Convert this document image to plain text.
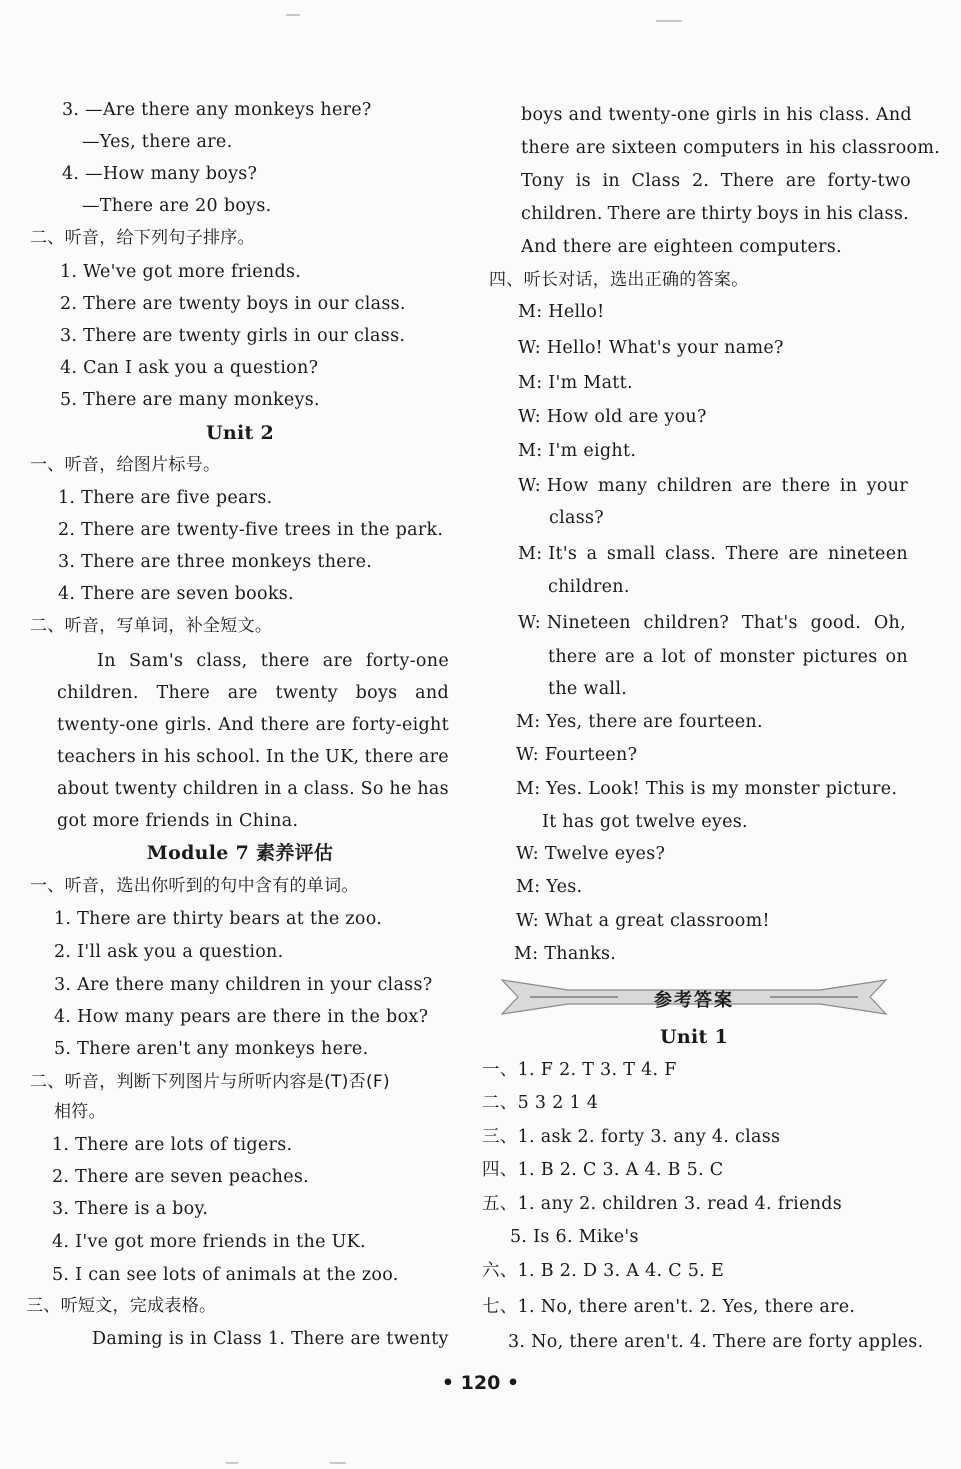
3. —Are there any monkeys here?
—Yes, there are.
4. —How many boys?
—There are 20 boys.
二、听音，给下列句子排序。
1. We've got more friends.
2. There are twenty boys in our class.
3. There are twenty girls in our class.
4. Can I ask you a question?
5. There are many monkeys.
Unit 2
一、听音，给图片标号。
1. There are five pears.
2. There are twenty-five trees in the park.
3. There are three monkeys there.
4. There are seven books.
二、听音，写单词，补全短文。
In Sam's class, there are forty-one
children. There are twenty boys and
twenty-one girls. And there are forty-eight
teachers in his school. In the UK, there are
about twenty children in a class. So he has
got more friends in China.
Module 7 素养评估
一、听音，选出你听到的句中含有的单词。
1. There are thirty bears at the zoo.
2. I'll ask you a question.
3. Are there many children in your class?
4. How many pears are there in the box?
5. There aren't any monkeys here.
二、听音，判断下列图片与所听内容是(T)否(F)
相符。
1. There are lots of tigers.
2. There are seven peaches.
3. There is a boy.
4. I've got more friends in the UK.
5. I can see lots of animals at the zoo.
三、听短文，完成表格。
Daming is in Class 1. There are twenty
boys and twenty-one girls in his class. And
there are sixteen computers in his classroom.
Tony is in Class 2. There are forty-two
children. There are thirty boys in his class.
And there are eighteen computers.
四、听长对话，选出正确的答案。
M: Hello!
W: Hello! What's your name?
M: I'm Matt.
W: How old are you?
M: I'm eight.
W: How many children are there in your
class?
M: It's a small class. There are nineteen
children.
W: Nineteen children? That's good. Oh,
there are a lot of monster pictures on
the wall.
M: Yes, there are fourteen.
W: Fourteen?
M: Yes. Look! This is my monster picture.
It has got twelve eyes.
W: Twelve eyes?
M: Yes.
W: What a great classroom!
M: Thanks.
参考答案
Unit 1
一、1. F 2. T 3. T 4. F
二、5 3 2 1 4
三、1. ask 2. forty 3. any 4. class
四、1. B 2. C 3. A 4. B 5. C
五、1. any 2. children 3. read 4. friends
5. Is 6. Mike's
六、1. B 2. D 3. A 4. C 5. E
七、1. No, there aren't. 2. Yes, there are.
3. No, there aren't. 4. There are forty apples.
• 120 •
